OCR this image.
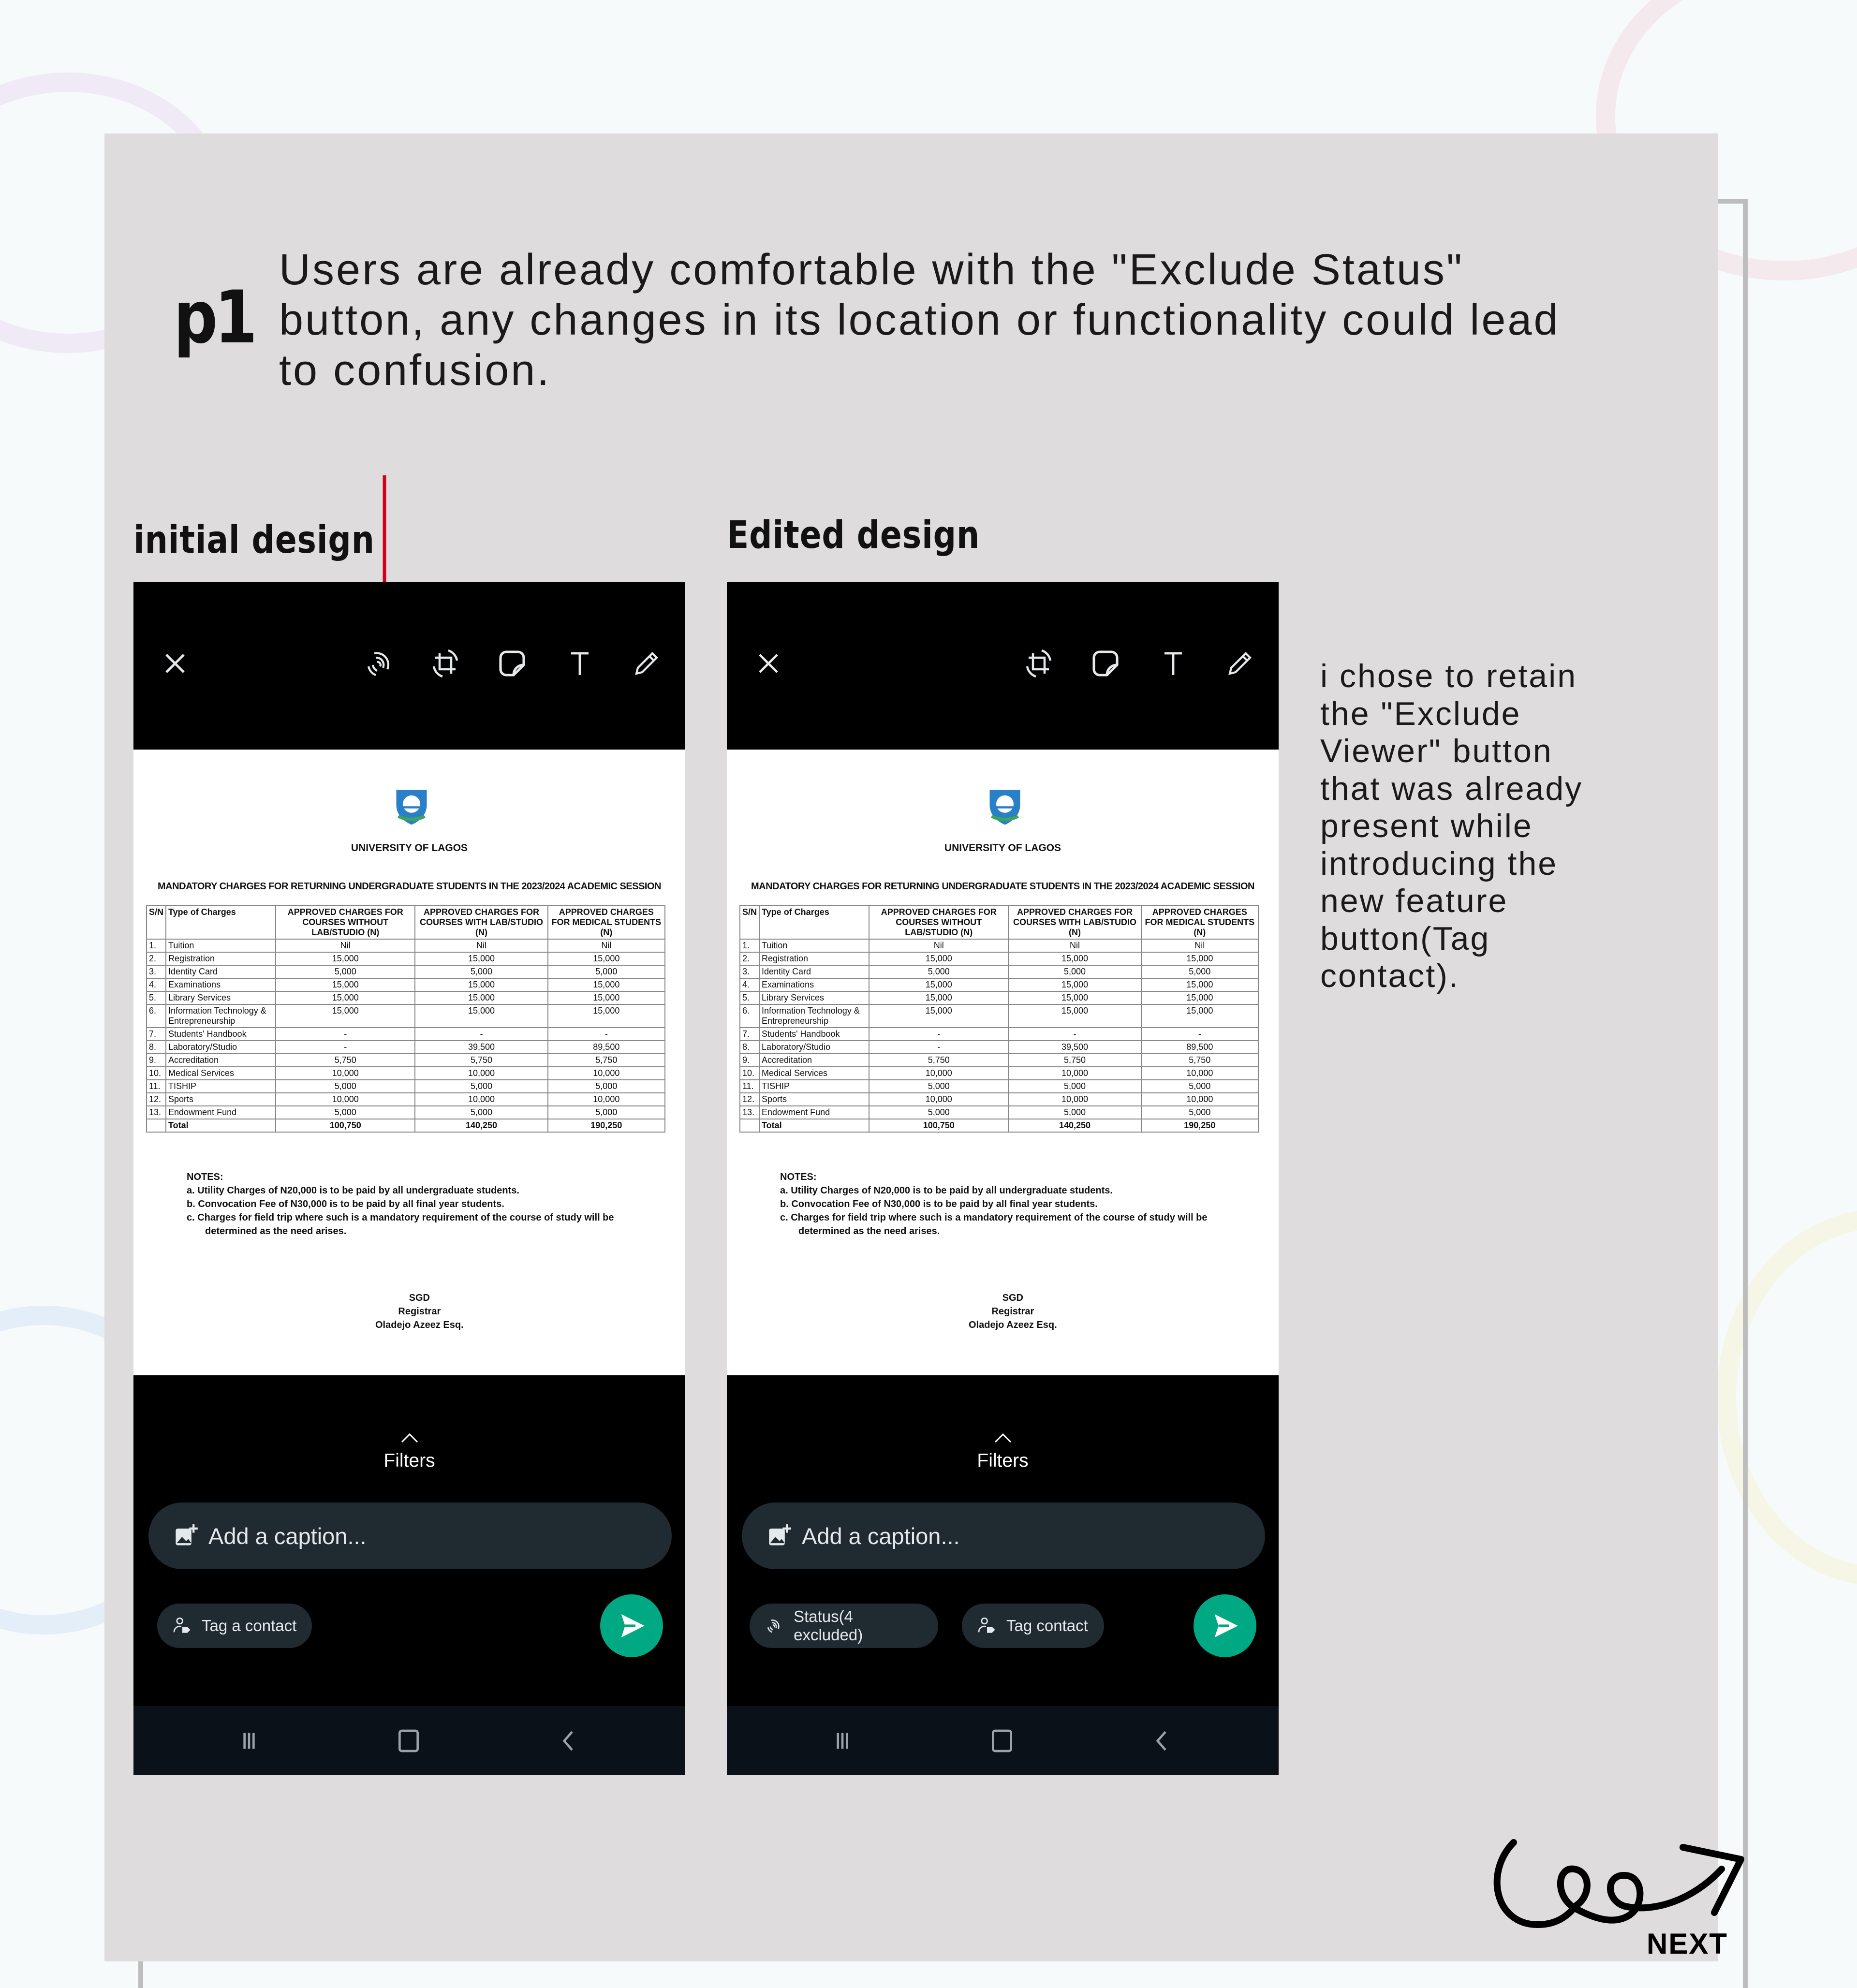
p1

Users are already comfortable with the "Exclude Status" button, any changes in its location or functionality could lead to confusion.

initial design	Edited design
UNIVERSITY OF LAGOS
MANDATORY CHARGES FOR RETURNING UNDERGRADUATE STUDENTS IN THE 2023/2024 ACADEMIC SESSION
S/N	Type of Charges	APPROVED CHARGES FOR COURSES WITHOUT LAB/STUDIO (N)	APPROVED CHARGES FOR COURSES WITH LAB/STUDIO (N)	APPROVED CHARGES FOR MEDICAL STUDENTS (N)
1.	Tuition	Nil	Nil	Nil
2.	Registration	15,000	15,000	15,000
3.	Identity Card	5,000	5,000	5,000
4.	Examinations	15,000	15,000	15,000
5.	Library Services	15,000	15,000	15,000
6.	Information Technology & Entrepreneurship	15,000	15,000	15,000
7.	Students' Handbook	-	-	-
8.	Laboratory/Studio	-	39,500	89,500
9.	Accreditation	5,750	5,750	5,750
10.	Medical Services	10,000	10,000	10,000
11.	TISHIP	5,000	5,000	5,000
12.	Sports	10,000	10,000	10,000
13.	Endowment Fund	5,000	5,000	5,000
	Total	100,750	140,250	190,250
NOTES:
a. Utility Charges of N20,000 is to be paid by all undergraduate students.
b. Convocation Fee of N30,000 is to be paid by all final year students.
c. Charges for field trip where such is a mandatory requirement of the course of study will be determined as the need arises.
SGD
Registrar
Oladejo Azeez Esq.
Filters
Add a caption...
Tag a contact
UNIVERSITY OF LAGOS
MANDATORY CHARGES FOR RETURNING UNDERGRADUATE STUDENTS IN THE 2023/2024 ACADEMIC SESSION
S/N	Type of Charges	APPROVED CHARGES FOR COURSES WITHOUT LAB/STUDIO (N)	APPROVED CHARGES FOR COURSES WITH LAB/STUDIO (N)	APPROVED CHARGES FOR MEDICAL STUDENTS (N)
1.	Tuition	Nil	Nil	Nil
2.	Registration	15,000	15,000	15,000
3.	Identity Card	5,000	5,000	5,000
4.	Examinations	15,000	15,000	15,000
5.	Library Services	15,000	15,000	15,000
6.	Information Technology & Entrepreneurship	15,000	15,000	15,000
7.	Students' Handbook	-	-	-
8.	Laboratory/Studio	-	39,500	89,500
9.	Accreditation	5,750	5,750	5,750
10.	Medical Services	10,000	10,000	10,000
11.	TISHIP	5,000	5,000	5,000
12.	Sports	10,000	10,000	10,000
13.	Endowment Fund	5,000	5,000	5,000
	Total	100,750	140,250	190,250
NOTES:
a. Utility Charges of N20,000 is to be paid by all undergraduate students.
b. Convocation Fee of N30,000 is to be paid by all final year students.
c. Charges for field trip where such is a mandatory requirement of the course of study will be determined as the need arises.
SGD
Registrar
Oladejo Azeez Esq.
Filters
Add a caption...
Status(4 excluded)
Tag contact
i chose to retain
the "Exclude
Viewer" button
that was already
present while
introducing the
new feature
button(Tag
contact).
NEXT
